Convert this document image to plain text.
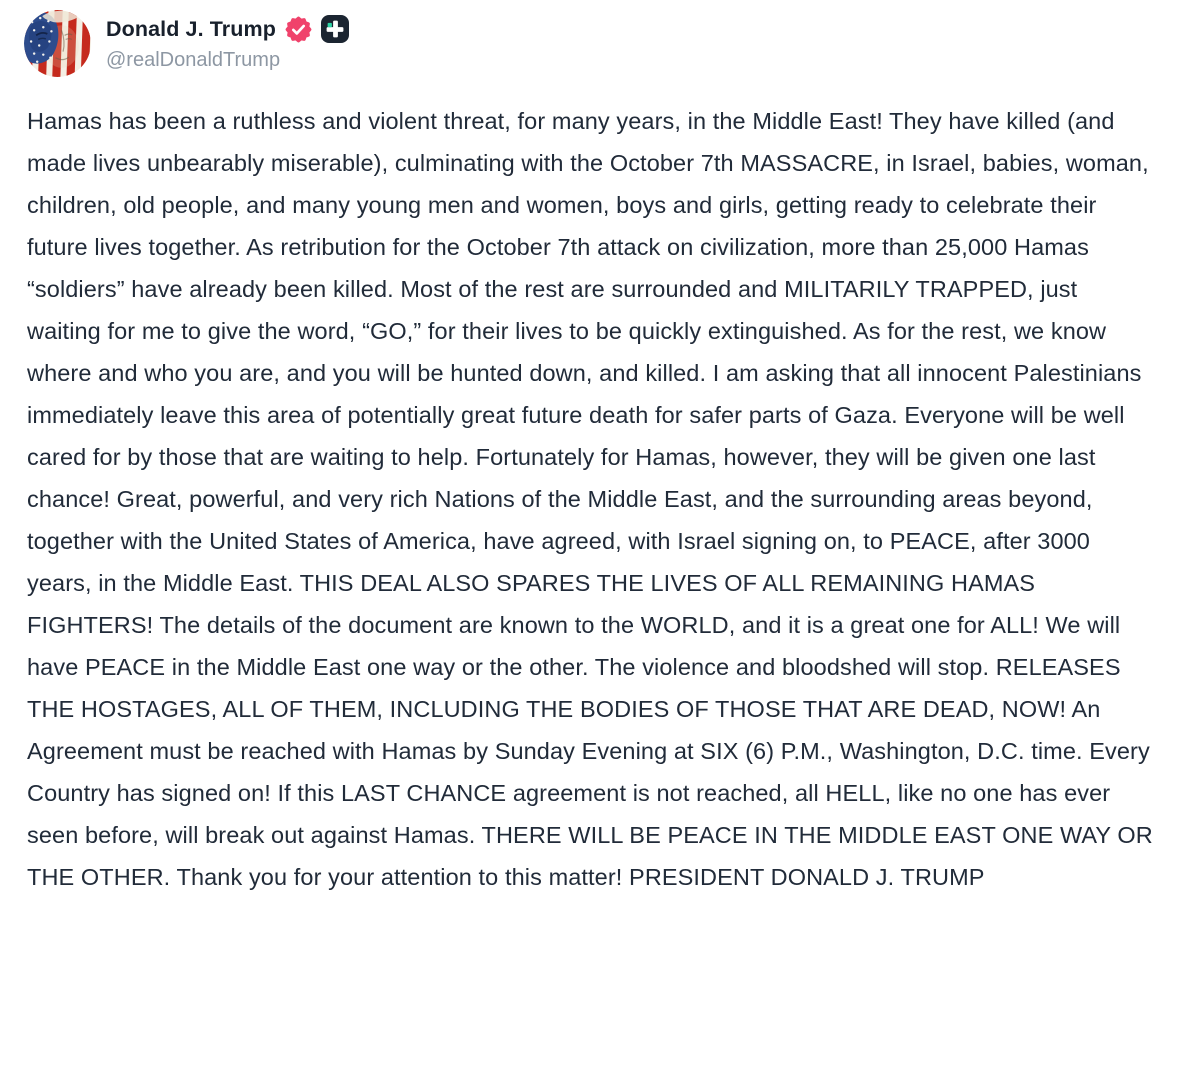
Donald J. Trump
@realDonaldTrump
Hamas has been a ruthless and violent threat, for many years, in the Middle East! They have killed (and made lives unbearably miserable), culminating with the October 7th MASSACRE, in Israel, babies, woman, children, old people, and many young men and women, boys and girls, getting ready to celebrate their future lives together. As retribution for the October 7th attack on civilization, more than 25,000 Hamas “soldiers” have already been killed. Most of the rest are surrounded and MILITARILY TRAPPED, just waiting for me to give the word, “GO,” for their lives to be quickly extinguished. As for the rest, we know where and who you are, and you will be hunted down, and killed. I am asking that all innocent Palestinians immediately leave this area of potentially great future death for safer parts of Gaza. Everyone will be well cared for by those that are waiting to help. Fortunately for Hamas, however, they will be given one last chance! Great, powerful, and very rich Nations of the Middle East, and the surrounding areas beyond, together with the United States of America, have agreed, with Israel signing on, to PEACE, after 3000 years, in the Middle East. THIS DEAL ALSO SPARES THE LIVES OF ALL REMAINING HAMAS FIGHTERS! The details of the document are known to the WORLD, and it is a great one for ALL! We will have PEACE in the Middle East one way or the other. The violence and bloodshed will stop. RELEASES THE HOSTAGES, ALL OF THEM, INCLUDING THE BODIES OF THOSE THAT ARE DEAD, NOW! An Agreement must be reached with Hamas by Sunday Evening at SIX (6) P.M., Washington, D.C. time. Every Country has signed on! If this LAST CHANCE agreement is not reached, all HELL, like no one has ever seen before, will break out against Hamas. THERE WILL BE PEACE IN THE MIDDLE EAST ONE WAY OR THE OTHER. Thank you for your attention to this matter! PRESIDENT DONALD J. TRUMP
